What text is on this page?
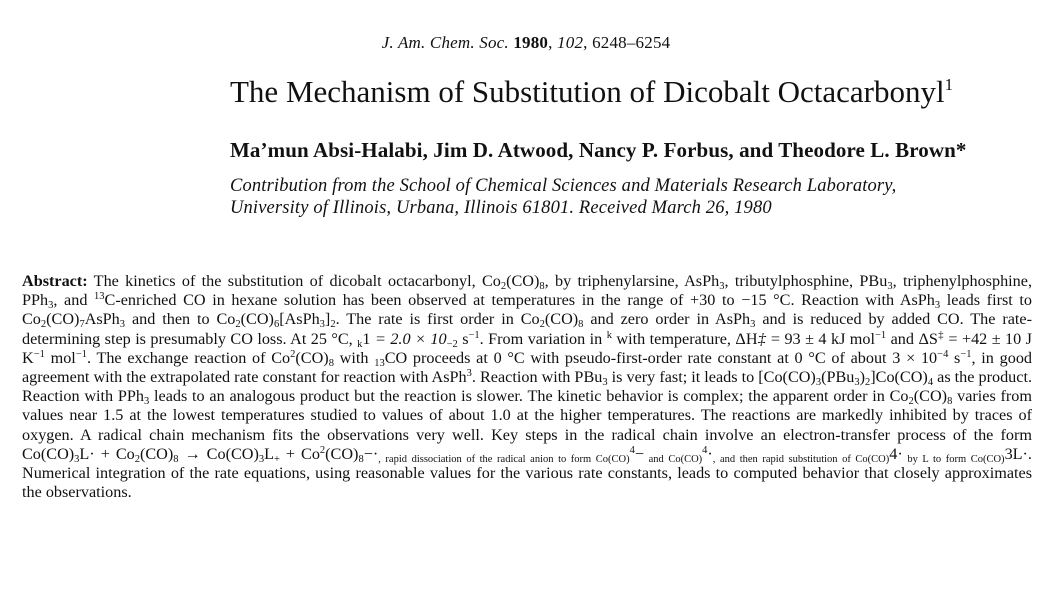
J. Am. Chem. Soc. 1980, 102, 6248–6254
The Mechanism of Substitution of Dicobalt Octacarbonyl$^1$
Ma’mun Absi-Halabi, Jim D. Atwood, Nancy P. Forbus, and Theodore L. Brown*
Contribution from the School of Chemical Sciences and Materials Research Laboratory,
University of Illinois, Urbana, Illinois 61801. Received March 26, 1980
Abstract: The kinetics of the substitution of dicobalt octacarbonyl, $Co_2(CO)_8$, by triphenylarsine, AsPh$_3$, tributylphosphine, PBu$_3$, triphenylphosphine, PPh$_3$, and $^{13}$C-enriched CO in hexane solution has been observed at temperatures in the range of +30 to −15 °C. Reaction with AsPh$_3$ leads first to $Co_2(CO)_7AsPh_3$ and then to $Co_2(CO)_6[AsPh_3]_2$. The rate is first order in $Co_2(CO)_8$ and zero order in AsPh$_3$ and is reduced by added CO. The rate-determining step is presumably CO loss. At 25 °C, $_k1 = 2.0 \times 10_{-2}$ $s^{-1}$. From variation in $^k$ with temperature, ΔH‡ = 93 ± 4 kJ mol$^{-1}$ and ΔS‡ = +42 ± 10 J $K^{-1}$ mol$^{-1}$. The exchange reaction of $Co^2(CO)_8$ with $_{13}$CO proceeds at 0 °C with pseudo-first-order rate constant at 0 °C of about $3 \times 10^{-4}$ $s^{-1}$, in good agreement with the extrapolated rate constant for reaction with AsPh$^3$. Reaction with PBu$_3$ is very fast; it leads to $[Co(CO)_3(PBu_3)_2]Co(CO)_4$ as the product. Reaction with PPh$_3$ leads to an analogous product but the reaction is slower. The kinetic behavior is complex; the apparent order in $Co_2(CO)_8$ varies from values near 1.5 at the lowest temperatures studied to values of about 1.0 at the higher temperatures. The reactions are markedly inhibited by traces of oxygen. A radical chain mechanism fits the observations very well. Key steps in the radical chain involve an electron-transfer process of the form $Co(CO)_3L\cdot + Co_2(CO)_8 \to Co(CO)_3L_+ + Co^2(CO)_8-\cdot_{, rapid dissociation of the radical anion to form Co(CO)}^4- _{and Co(CO)}^4\cdot_{, and then rapid substitution of Co(CO)}4\cdot _{by L to form Co(CO)}3L\cdot$. Numerical integration of the rate equations, using reasonable values for the various rate constants, leads to computed behavior that closely approximates the observations.
